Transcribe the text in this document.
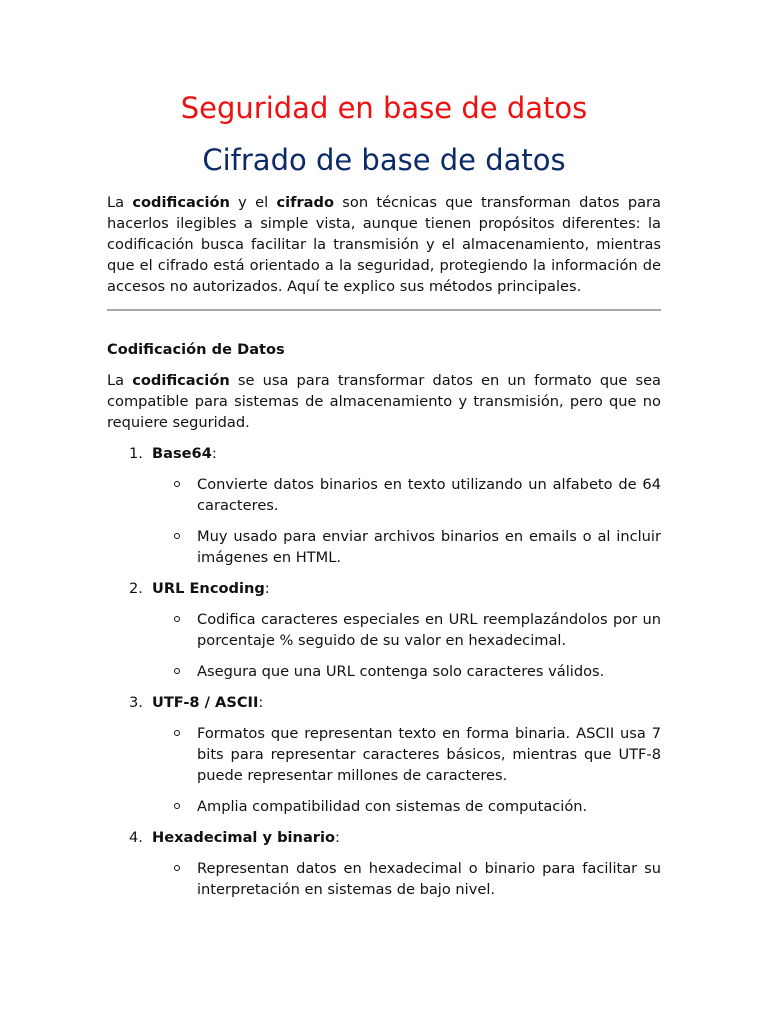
Seguridad en base de datos
Cifrado de base de datos

La codificación y el cifrado son técnicas que transforman datos para hacerlos ilegibles a simple vista, aunque tienen propósitos diferentes: la codificación busca facilitar la transmisión y el almacenamiento, mientras que el cifrado está orientado a la seguridad, protegiendo la información de accesos no autorizados. Aquí te explico sus métodos principales.

Codificación de Datos

La codificación se usa para transformar datos en un formato que sea compatible para sistemas de almacenamiento y transmisión, pero que no requiere seguridad.

1. Base64:
Convierte datos binarios en texto utilizando un alfabeto de 64 caracteres.
Muy usado para enviar archivos binarios en emails o al incluir imágenes en HTML.
2. URL Encoding:
Codifica caracteres especiales en URL reemplazándolos por un porcentaje % seguido de su valor en hexadecimal.
Asegura que una URL contenga solo caracteres válidos.
3. UTF-8 / ASCII:
Formatos que representan texto en forma binaria. ASCII usa 7 bits para representar caracteres básicos, mientras que UTF-8 puede representar millones de caracteres.
Amplia compatibilidad con sistemas de computación.
4. Hexadecimal y binario:
Representan datos en hexadecimal o binario para facilitar su interpretación en sistemas de bajo nivel.
